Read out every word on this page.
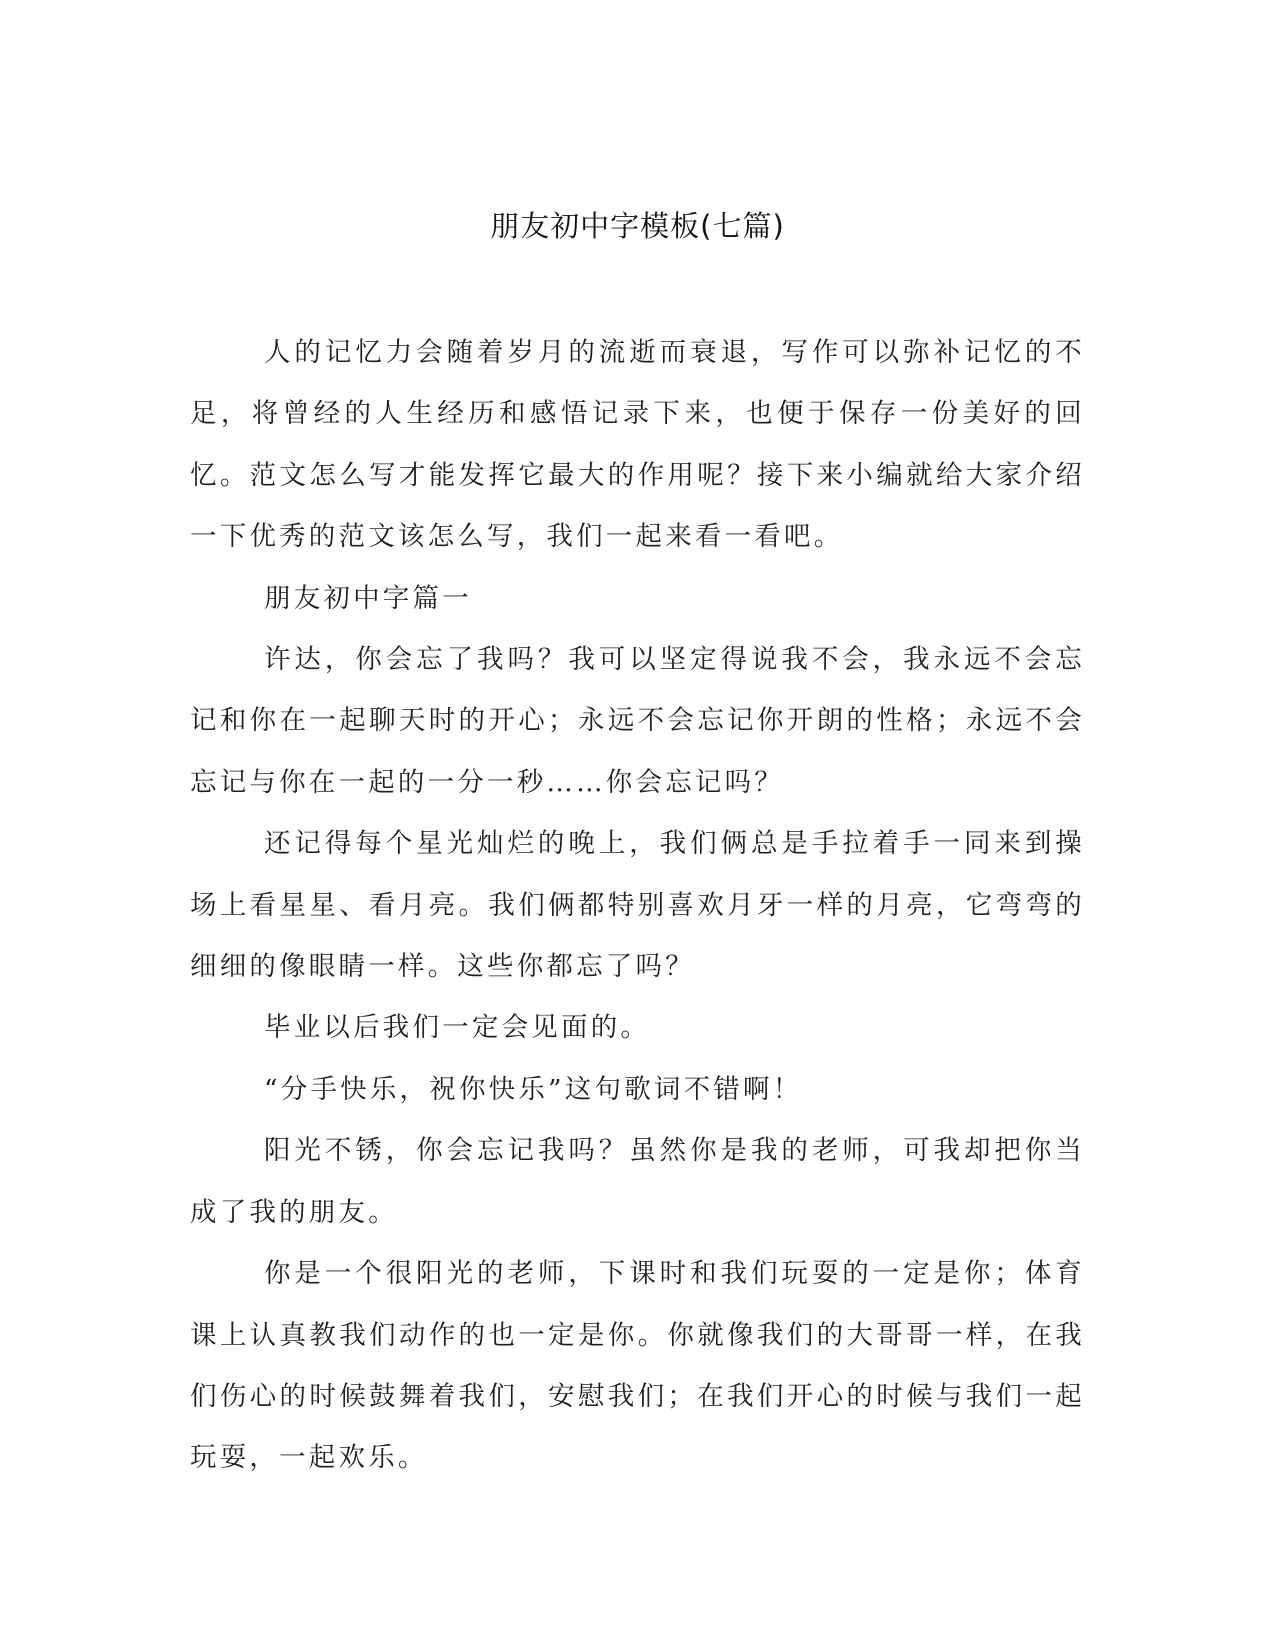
朋友初中字模板(七篇)

人的记忆力会随着岁月的流逝而衰退，写作可以弥补记忆的不足，将曾经的人生经历和感悟记录下来，也便于保存一份美好的回忆。范文怎么写才能发挥它最大的作用呢？接下来小编就给大家介绍一下优秀的范文该怎么写，我们一起来看一看吧。

朋友初中字篇一

许达，你会忘了我吗？我可以坚定得说我不会，我永远不会忘记和你在一起聊天时的开心；永远不会忘记你开朗的性格；永远不会忘记与你在一起的一分一秒……你会忘记吗？

还记得每个星光灿烂的晚上，我们俩总是手拉着手一同来到操场上看星星、看月亮。我们俩都特别喜欢月牙一样的月亮，它弯弯的细细的像眼睛一样。这些你都忘了吗？

毕业以后我们一定会见面的。

“分手快乐，祝你快乐”这句歌词不错啊！

阳光不锈，你会忘记我吗？虽然你是我的老师，可我却把你当成了我的朋友。

你是一个很阳光的老师，下课时和我们玩耍的一定是你；体育课上认真教我们动作的也一定是你。你就像我们的大哥哥一样，在我们伤心的时候鼓舞着我们，安慰我们；在我们开心的时候与我们一起玩耍，一起欢乐。
